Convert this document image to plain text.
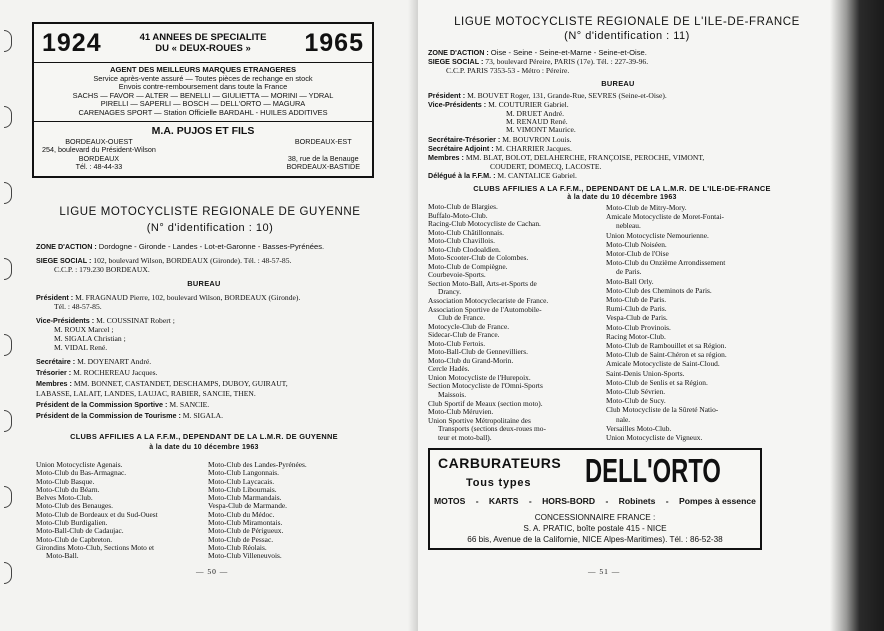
1924	41 ANNEES DE SPECIALITE
DU « DEUX-ROUES »	1965
AGENT DES MEILLEURS MARQUES ETRANGERES
Service après-vente assuré — Toutes pièces de rechange en stock
Envois contre-remboursement dans toute la France
SACHS — FAVOR — ALTER — BENELLI — GIULIETTA — MORINI — YDRAL
PIRELLI — SAPERLI — BOSCH — DELL'ORTO — MAGURA
CARENAGES SPORT — Station Officielle BARDAHL - HUILES ADDITIVES
M.A. PUJOS ET FILS
BORDEAUX-OUEST
254, boulevard du Président-Wilson
BORDEAUX
Tél. : 48-44-33
BORDEAUX-EST
38, rue de la Benauge
BORDEAUX-BASTIDE
LIGUE MOTOCYCLISTE REGIONALE DE GUYENNE
(N° d'identification : 10)
ZONE D'ACTION : Dordogne - Gironde - Landes - Lot-et-Garonne - Basses-Pyrénées.
SIEGE SOCIAL : 102, boulevard Wilson, BORDEAUX (Gironde). Tél. : 48-57-85.
C.C.P. : 179.230 BORDEAUX.
BUREAU
Président : M. FRAGNAUD Pierre, 102, boulevard Wilson, BORDEAUX (Gironde).
Tél. : 48-57-85.
Vice-Présidents : M. COUSSINAT Robert ;
M. ROUX Marcel ;
M. SIGALA Christian ;
M. VIDAL René.
Secrétaire : M. DOYENART André.
Trésorier : M. ROCHEREAU Jacques.
Membres : MM. BONNET, CASTANDET, DESCHAMPS, DUBOY, GUIRAUT,
LABASSE, LALAIT, LANDES, LAUJAC, RABIER, SANCIE, THEN.
Président de la Commission Sportive : M. SANCIE.
Président de la Commission de Tourisme : M. SIGALA.
CLUBS AFFILIES A LA F.F.M., DEPENDANT DE LA L.M.R. DE GUYENNE
à la date du 10 décembre 1963
Union Motocycliste Agenais.
Moto-Club du Bas-Armagnac.
Moto-Club Basque.
Moto-Club du Béarn.
Belves Moto-Club.
Moto-Club des Benauges.
Moto-Club de Bordeaux et du Sud-Ouest
Moto-Club Burdigalien.
Moto-Ball-Club de Cadaujac.
Moto-Club de Capbreton.
Girondins Moto-Club, Sections Moto et
Moto-Ball.
Moto-Club des Landes-Pyrénées.
Moto-Club Langonnais.
Moto-Club Laycacais.
Moto-Club Libournais.
Moto-Club Marmandais.
Vespa-Club de Marmande.
Moto-Club du Médoc.
Moto-Club Miramontais.
Moto-Club de Périgueux.
Moto-Club de Pessac.
Moto-Club Réolais.
Moto-Club Villeneuvois.
— 50 —
LIGUE MOTOCYCLISTE REGIONALE DE L'ILE-DE-FRANCE
(N° d'identification : 11)
ZONE D'ACTION : Oise - Seine - Seine-et-Marne - Seine-et-Oise.
SIEGE SOCIAL : 73, boulevard Péreire, PARIS (17e). Tél. : 227-39-96.
C.C.P. PARIS 7353-53 - Métro : Péreire.
BUREAU
Président : M. BOUVET Roger, 131, Grande-Rue, SEVRES (Seine-et-Oise).
Vice-Présidents : M. COUTURIER Gabriel.
M. DRUET André.
M. RENAUD René.
M. VIMONT Maurice.
Secrétaire-Trésorier : M. BOUVRON Louis.
Secrétaire Adjoint : M. CHARRIER Jacques.
Membres : MM. BLAT, BOLOT, DELAHERCHE, FRANÇOISE, PEROCHE, VIMONT,
COUDERT, DOMECQ, LACOSTE.
Délégué à la F.F.M. : M. CANTALICE Gabriel.
CLUBS AFFILIES A LA F.F.M., DEPENDANT DE LA L.M.R. DE L'ILE-DE-FRANCE
à la date du 10 décembre 1963
Moto-Club de Blargies.
Buffalo-Moto-Club.
Racing-Club Motocycliste de Cachan.
Moto-Club Châtillonnais.
Moto-Club Chavillois.
Moto-Club Clodoaldien.
Moto-Scooter-Club de Colombes.
Moto-Club de Compiègne.
Courbevoie-Sports.
Section Moto-Ball, Arts-et-Sports de
Drancy.
Association Motocyclecariste de France.
Association Sportive de l'Automobile-
Club de France.
Motocycle-Club de France.
Sidecar-Club de France.
Moto-Club Fertois.
Moto-Ball-Club de Gennevilliers.
Moto-Club du Grand-Morin.
Cercle Hadès.
Union Motocycliste de l'Hurepoix.
Section Motocycliste de l'Omni-Sports
Maissois.
Club Sportif de Meaux (section moto).
Moto-Club Méruvien.
Union Sportive Métropolitaine des
Transports (sections deux-roues mo-
teur et moto-ball).
Moto-Club de Mitry-Mory.
Amicale Motocycliste de Moret-Fontai-
nebleau.
Union Motocycliste Nemourienne.
Moto-Club Noiséen.
Motor-Club de l'Oise
Moto-Club du Onzième Arrondissement
de Paris.
Moto-Ball Orly.
Moto-Club des Cheminots de Paris.
Moto-Club de Paris.
Rumi-Club de Paris.
Vespa-Club de Paris.
Moto-Club Provinois.
Racing Motor-Club.
Moto-Club de Rambouillet et sa Région.
Moto-Club de Saint-Chéron et sa région.
Amicale Motocycliste de Saint-Cloud.
Saint-Denis Union-Sports.
Moto-Club de Senlis et sa Région.
Moto-Club Sévrien.
Moto-Club de Sucy.
Club Motocycliste de la Sûreté Natio-
nale.
Versailles Moto-Club.
Union Motocycliste de Vigneux.
CARBURATEURS
Tous types DELL'ORTO
MOTOS - KARTS - HORS-BORD - Robinets - Pompes à essence
CONCESSIONNAIRE FRANCE :
S. A. PRATIC, boîte postale 415 - NICE
66 bis, Avenue de la Californie, NICE Alpes-Maritimes). Tél. : 86-52-38
— 51 —
